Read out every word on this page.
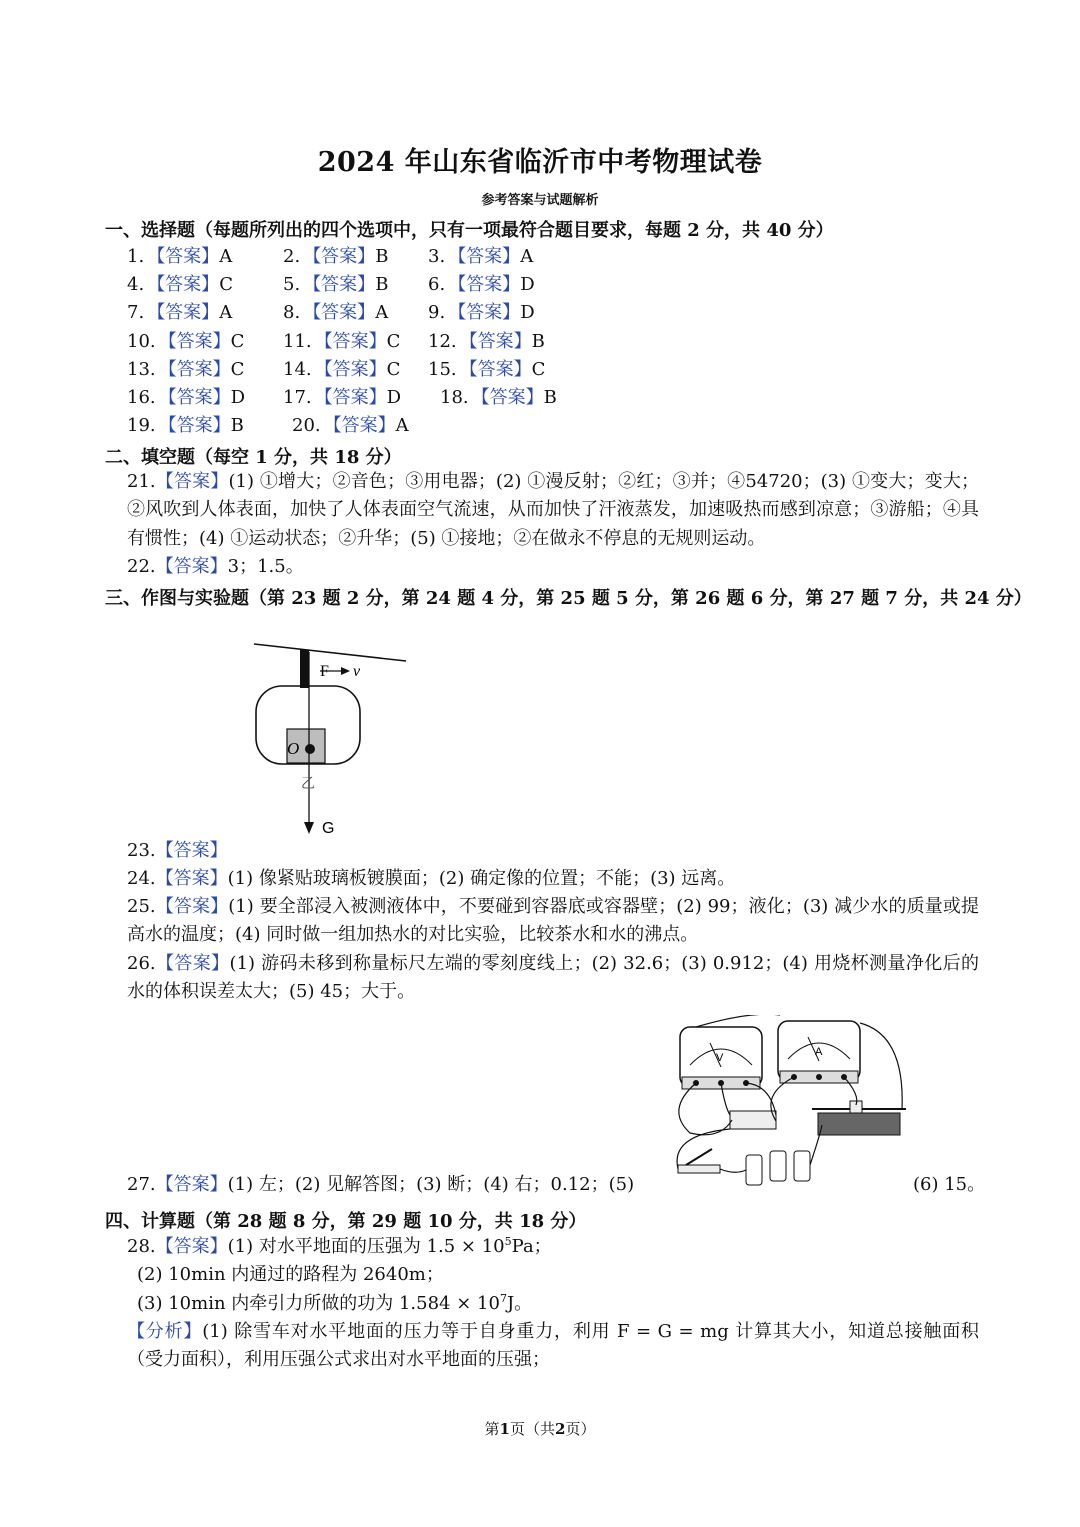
2024 年山东省临沂市中考物理试卷
参考答案与试题解析
一、选择题（每题所列出的四个选项中，只有一项最符合题目要求，每题 2 分，共 40 分）
1. 【答案】A	2. 【答案】B 3. 【答案】A
4. 【答案】C	5. 【答案】B 6. 【答案】D
7. 【答案】A	8. 【答案】A 9. 【答案】D
10. 【答案】C 11. 【答案】C 12. 【答案】B
13. 【答案】C 14. 【答案】C 15. 【答案】C
16. 【答案】D 17. 【答案】D 18. 【答案】B
19. 【答案】B	20. 【答案】A
二、填空题（每空 1 分，共 18 分）
21.【答案】(1) ①增大；②音色；③用电器；(2) ①漫反射；②红；③并；④54720；(3) ①变大；变大；②风吹到人体表面，加快了人体表面空气流速，从而加快了汗液蒸发，加速吸热而感到凉意；③游船；④具有惯性；(4) ①运动状态；②升华；(5) ①接地；②在做永不停息的无规则运动。
22.【答案】3；1.5。
三、作图与实验题（第 23 题 2 分，第 24 题 4 分，第 25 题 5 分，第 26 题 6 分，第 27 题 7 分，共 24 分）
F v
O
乙
G
23.【答案】
24.【答案】(1) 像紧贴玻璃板镀膜面；(2) 确定像的位置；不能；(3) 远离。
25.【答案】(1) 要全部浸入被测液体中，不要碰到容器底或容器壁；(2) 99；液化；(3) 减少水的质量或提高水的温度；(4) 同时做一组加热水的对比实验，比较茶水和水的沸点。
26.【答案】(1) 游码未移到称量标尺左端的零刻度线上；(2) 32.6；(3) 0.912；(4) 用烧杯测量净化后的水的体积误差太大；(5) 45；大于。
V	A
27.【答案】(1) 左；(2) 见解答图；(3) 断；(4) 右；0.12；(5)	(6) 15。
四、计算题（第 28 题 8 分，第 29 题 10 分，共 18 分）
28.【答案】(1) 对水平地面的压强为 $1.5 \times 10^5Pa$；
(2) 10min 内通过的路程为 2640m；
(3) 10min 内牵引力所做的功为 $1.584 \times 10^7J$。
【分析】(1) 除雪车对水平地面的压力等于自身重力，利用 F = G = mg 计算其大小，知道总接触面积（受力面积），利用压强公式求出对水平地面的压强；
第1页（共2页）
